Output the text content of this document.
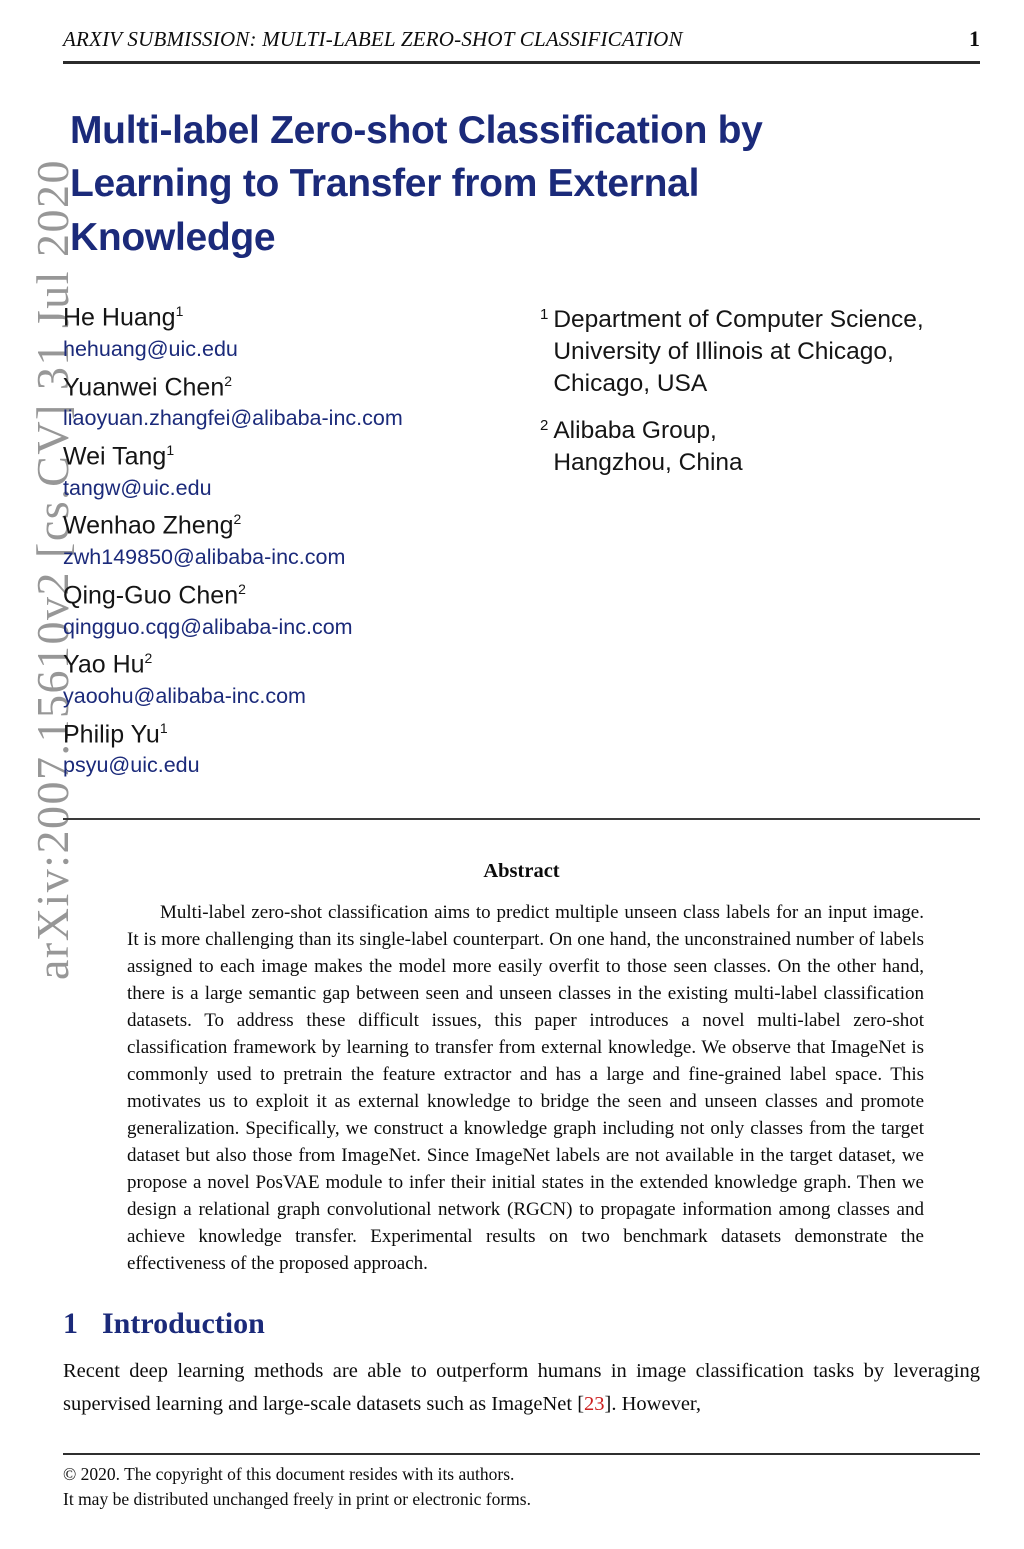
arXiv:2007.15610v2 [cs.CV] 31 Jul 2020
ARXIV SUBMISSION: MULTI-LABEL ZERO-SHOT CLASSIFICATION	1
Multi-label Zero-shot Classification by
Learning to Transfer from External
Knowledge
He Huang$^1$
hehuang@uic.edu
Yuanwei Chen$^2$
liaoyuan.zhangfei@alibaba-inc.com
Wei Tang$^1$
tangw@uic.edu
Wenhao Zheng$^2$
zwh149850@alibaba-inc.com
Qing-Guo Chen$^2$
qingguo.cqg@alibaba-inc.com
Yao Hu$^2$
yaoohu@alibaba-inc.com
Philip Yu$^1$
psyu@uic.edu
1 Department of Computer Science,
University of Illinois at Chicago,
Chicago, USA
2 Alibaba Group,
Hangzhou, China
Abstract

Multi-label zero-shot classification aims to predict multiple unseen class labels for an input image. It is more challenging than its single-label counterpart. On one hand, the unconstrained number of labels assigned to each image makes the model more easily overfit to those seen classes. On the other hand, there is a large semantic gap between seen and unseen classes in the existing multi-label classification datasets. To address these difficult issues, this paper introduces a novel multi-label zero-shot classification framework by learning to transfer from external knowledge. We observe that ImageNet is commonly used to pretrain the feature extractor and has a large and fine-grained label space. This motivates us to exploit it as external knowledge to bridge the seen and unseen classes and promote generalization. Specifically, we construct a knowledge graph including not only classes from the target dataset but also those from ImageNet. Since ImageNet labels are not available in the target dataset, we propose a novel PosVAE module to infer their initial states in the extended knowledge graph. Then we design a relational graph convolutional network (RGCN) to propagate information among classes and achieve knowledge transfer. Experimental results on two benchmark datasets demonstrate the effectiveness of the proposed approach.

1 Introduction

Recent deep learning methods are able to outperform humans in image classification tasks by leveraging supervised learning and large-scale datasets such as ImageNet [23]. However,

© 2020. The copyright of this document resides with its authors.
It may be distributed unchanged freely in print or electronic forms.
